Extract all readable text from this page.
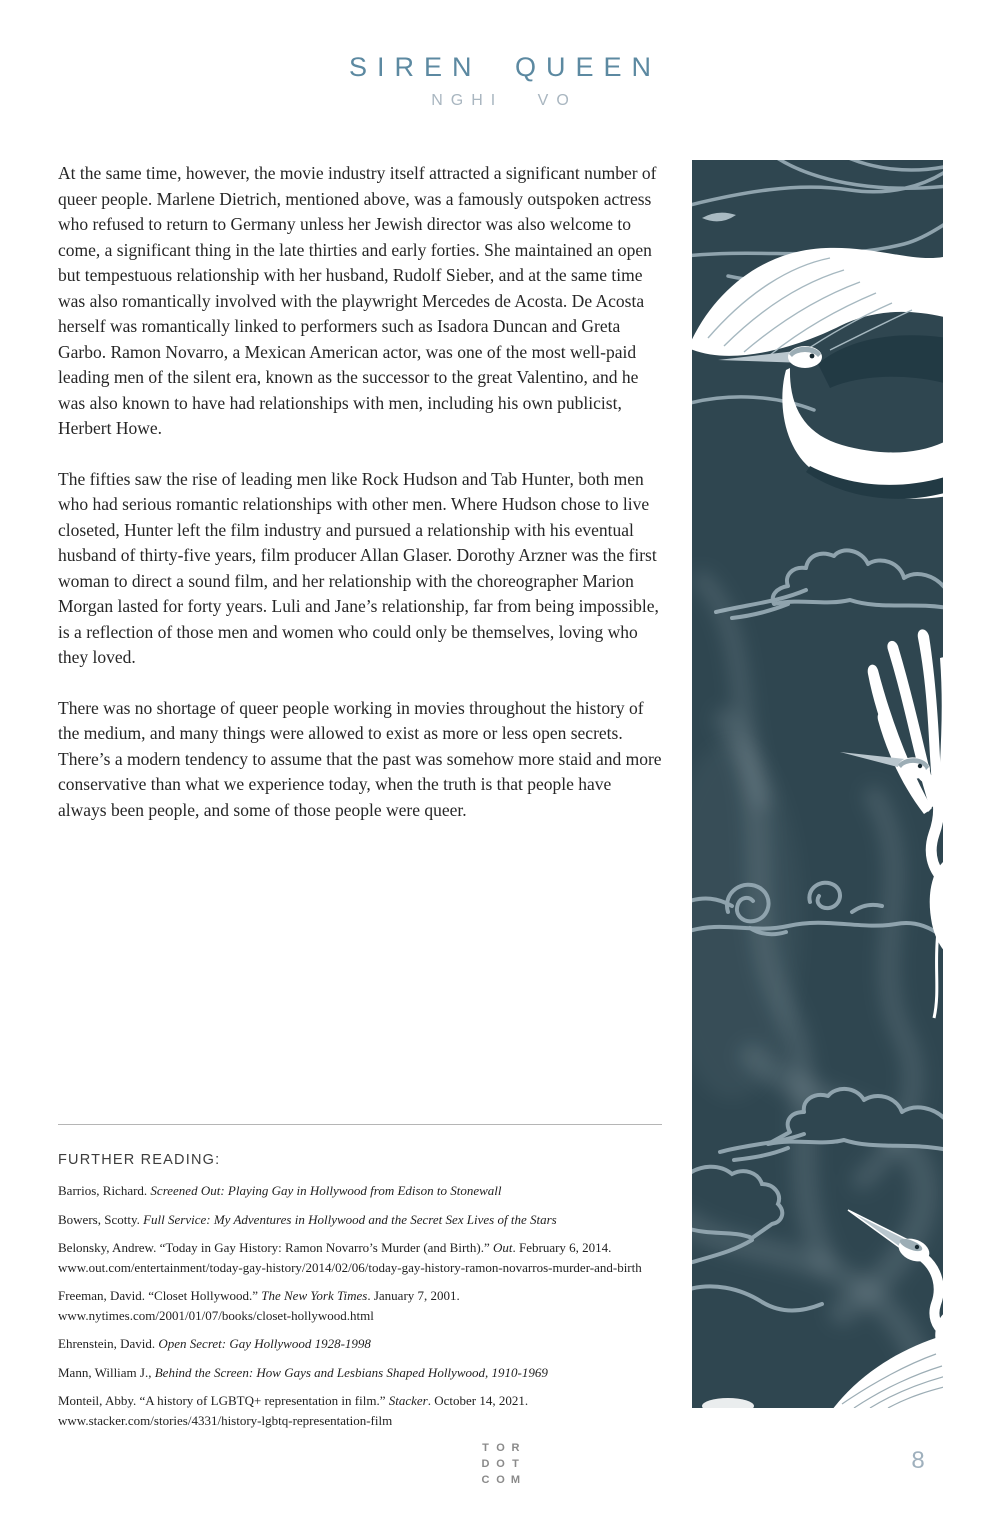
SIREN QUEEN
NGHI VO

At the same time, however, the movie industry itself attracted a significant number of queer people. Marlene Dietrich, mentioned above, was a famously outspoken actress who refused to return to Germany unless her Jewish director was also welcome to come, a significant thing in the late thirties and early forties. She maintained an open but tempestuous relationship with her husband, Rudolf Sieber, and at the same time was also romantically involved with the playwright Mercedes de Acosta. De Acosta herself was romantically linked to performers such as Isadora Duncan and Greta Garbo. Ramon Novarro, a Mexican American actor, was one of the most well-paid leading men of the silent era, known as the successor to the great Valentino, and he was also known to have had relationships with men, including his own publicist, Herbert Howe.

The fifties saw the rise of leading men like Rock Hudson and Tab Hunter, both men who had serious romantic relationships with other men. Where Hudson chose to live closeted, Hunter left the film industry and pursued a relationship with his eventual husband of thirty-five years, film producer Allan Glaser. Dorothy Arzner was the first woman to direct a sound film, and her relationship with the choreographer Marion Morgan lasted for forty years. Luli and Jane’s relationship, far from being impossible, is a reflection of those men and women who could only be themselves, loving who they loved.

There was no shortage of queer people working in movies throughout the history of the medium, and many things were allowed to exist as more or less open secrets. There’s a modern tendency to assume that the past was somehow more staid and more conservative than what we experience today, when the truth is that people have always been people, and some of those people were queer.

FURTHER READING:
Barrios, Richard. Screened Out: Playing Gay in Hollywood from Edison to Stonewall
Bowers, Scotty. Full Service: My Adventures in Hollywood and the Secret Sex Lives of the Stars
Belonsky, Andrew. “Today in Gay History: Ramon Novarro’s Murder (and Birth).” Out. February 6, 2014.
www.out.com/entertainment/today-gay-history/2014/02/06/today-gay-history-ramon-novarros-murder-and-birth
Freeman, David. “Closet Hollywood.” The New York Times. January 7, 2001.
www.nytimes.com/2001/01/07/books/closet-hollywood.html
Ehrenstein, David. Open Secret: Gay Hollywood 1928-1998
Mann, William J., Behind the Screen: How Gays and Lesbians Shaped Hollywood, 1910-1969
Monteil, Abby. “A history of LGBTQ+ representation in film.” Stacker. October 14, 2021.
www.stacker.com/stories/4331/history-lgbtq-representation-film
T O R
D O T
C O M
8
